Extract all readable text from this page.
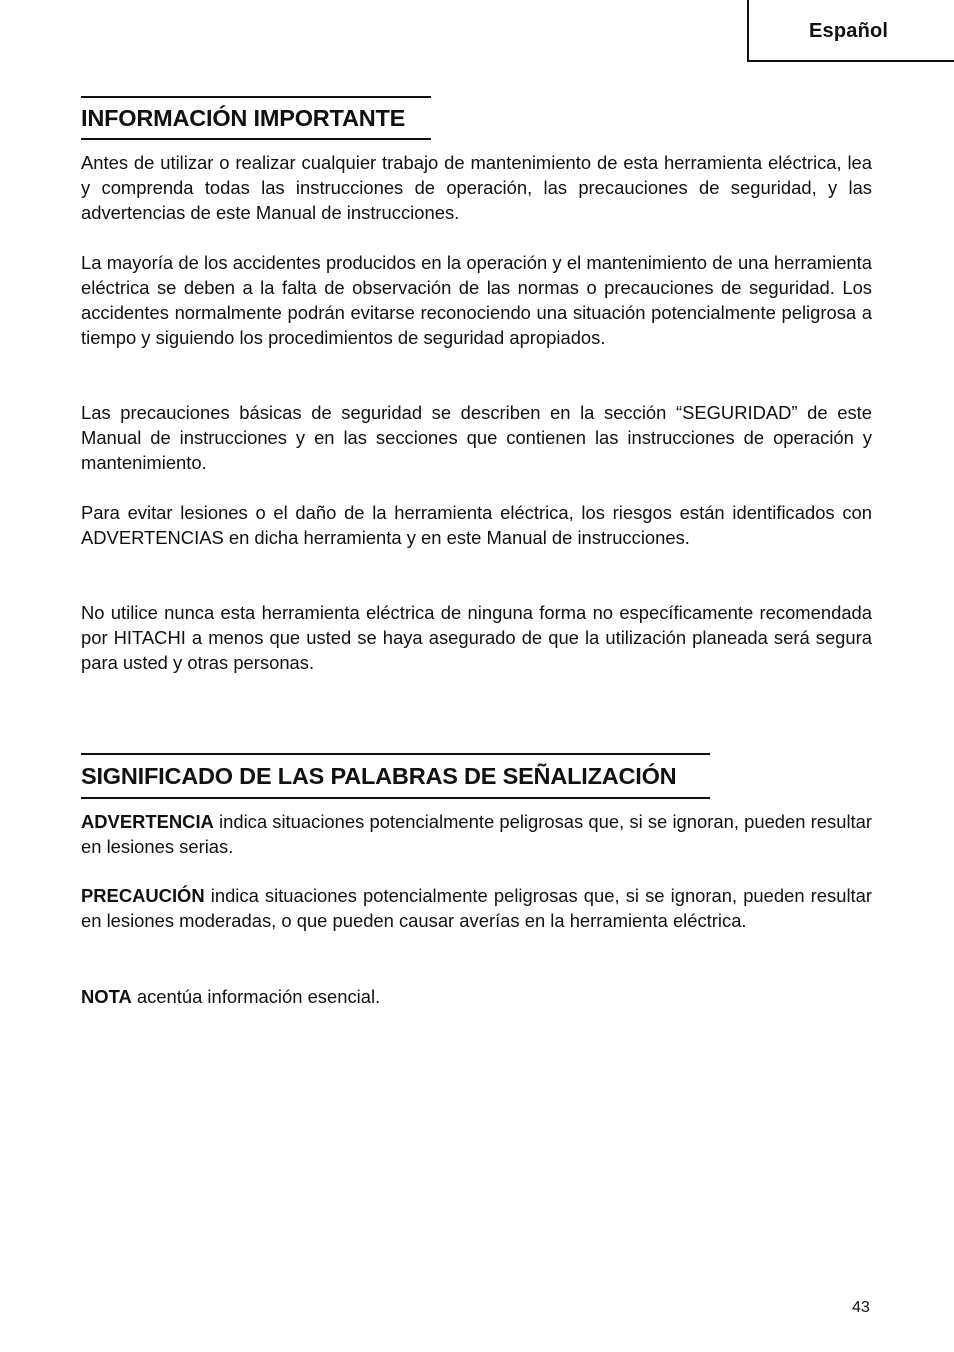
Español
INFORMACIÓN IMPORTANTE

Antes de utilizar o realizar cualquier trabajo de mantenimiento de esta herramienta eléctrica, lea y comprenda todas las instrucciones de operación, las precauciones de seguridad, y las advertencias de este Manual de instrucciones.

La mayoría de los accidentes producidos en la operación y el mantenimiento de una herramienta eléctrica se deben a la falta de observación de las normas o precauciones de seguridad. Los accidentes normalmente podrán evitarse reconociendo una situación potencialmente peligrosa a tiempo y siguiendo los procedimientos de seguridad apropiados.

Las precauciones básicas de seguridad se describen en la sección “SEGURIDAD” de este Manual de instrucciones y en las secciones que contienen las instrucciones de operación y mantenimiento.

Para evitar lesiones o el daño de la herramienta eléctrica, los riesgos están identificados con ADVERTENCIAS en dicha herramienta y en este Manual de instrucciones.

No utilice nunca esta herramienta eléctrica de ninguna forma no específicamente recomendada por HITACHI a menos que usted se haya asegurado de que la utilización planeada será segura para usted y otras personas.

SIGNIFICADO DE LAS PALABRAS DE SEÑALIZACIÓN

ADVERTENCIA indica situaciones potencialmente peligrosas que, si se ignoran, pueden resultar en lesiones serias.

PRECAUCIÓN indica situaciones potencialmente peligrosas que, si se ignoran, pueden resultar en lesiones moderadas, o que pueden causar averías en la herramienta eléctrica.

NOTA acentúa información esencial.

43
